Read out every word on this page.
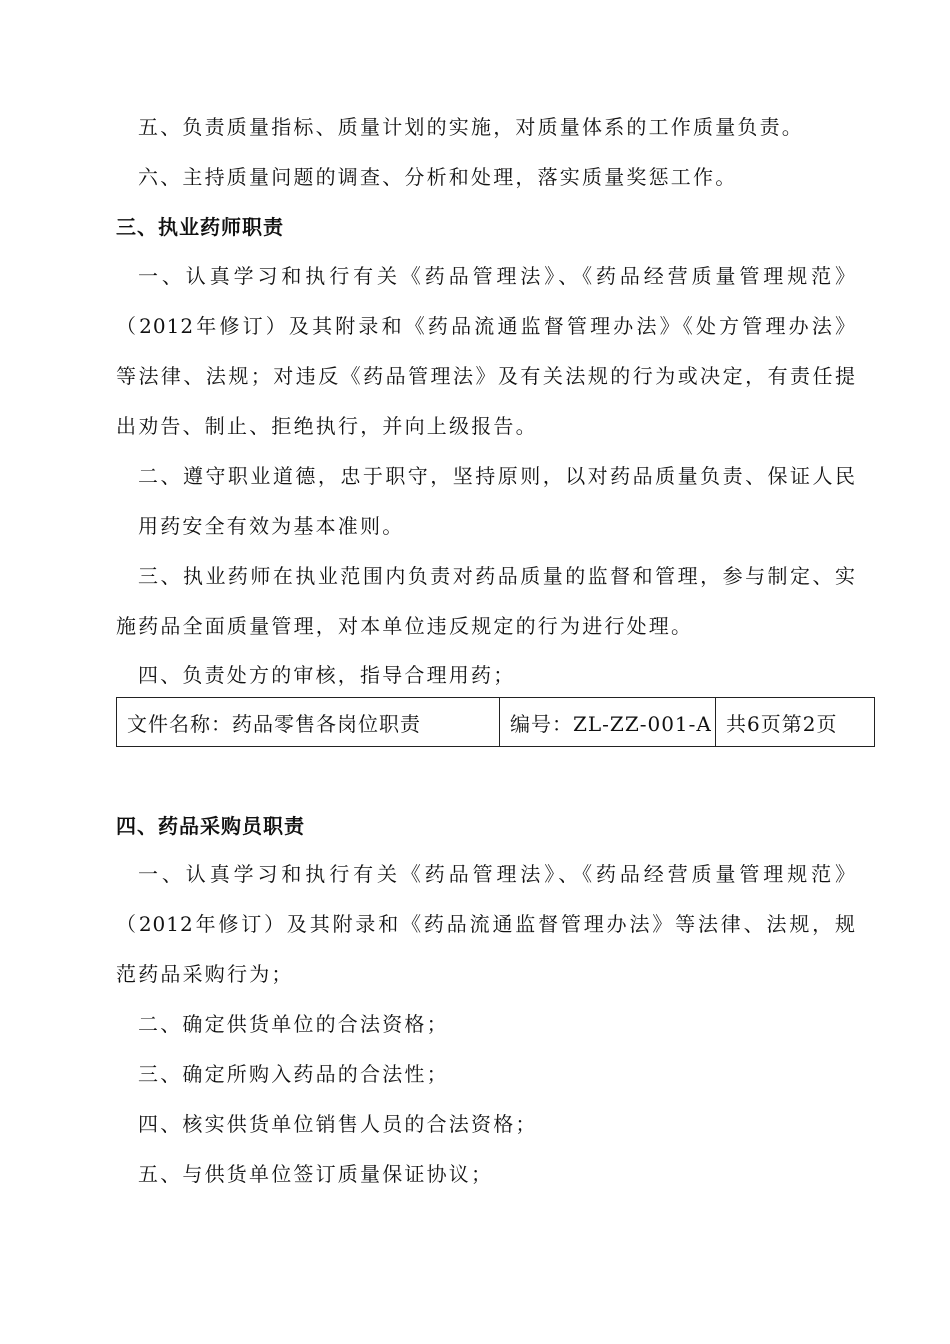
五、负责质量指标、质量计划的实施，对质量体系的工作质量负责。
六、主持质量问题的调查、分析和处理，落实质量奖惩工作。
三、执业药师职责
一、认真学习和执行有关《药品管理法》、《药品经营质量管理规范》
（2012年修订）及其附录和《药品流通监督管理办法》《处方管理办法》
等法律、法规；对违反《药品管理法》及有关法规的行为或决定，有责任提
出劝告、制止、拒绝执行，并向上级报告。
二、遵守职业道德，忠于职守，坚持原则，以对药品质量负责、保证人民
用药安全有效为基本准则。
三、执业药师在执业范围内负责对药品质量的监督和管理，参与制定、实
施药品全面质量管理，对本单位违反规定的行为进行处理。
四、负责处方的审核，指导合理用药；
文件名称：药品零售各岗位职责	编号：ZL-ZZ-001-A	共6页第2页
四、药品采购员职责
一、认真学习和执行有关《药品管理法》、《药品经营质量管理规范》
（2012年修订）及其附录和《药品流通监督管理办法》等法律、法规，规
范药品采购行为；
二、确定供货单位的合法资格；
三、确定所购入药品的合法性；
四、核实供货单位销售人员的合法资格；
五、与供货单位签订质量保证协议；
